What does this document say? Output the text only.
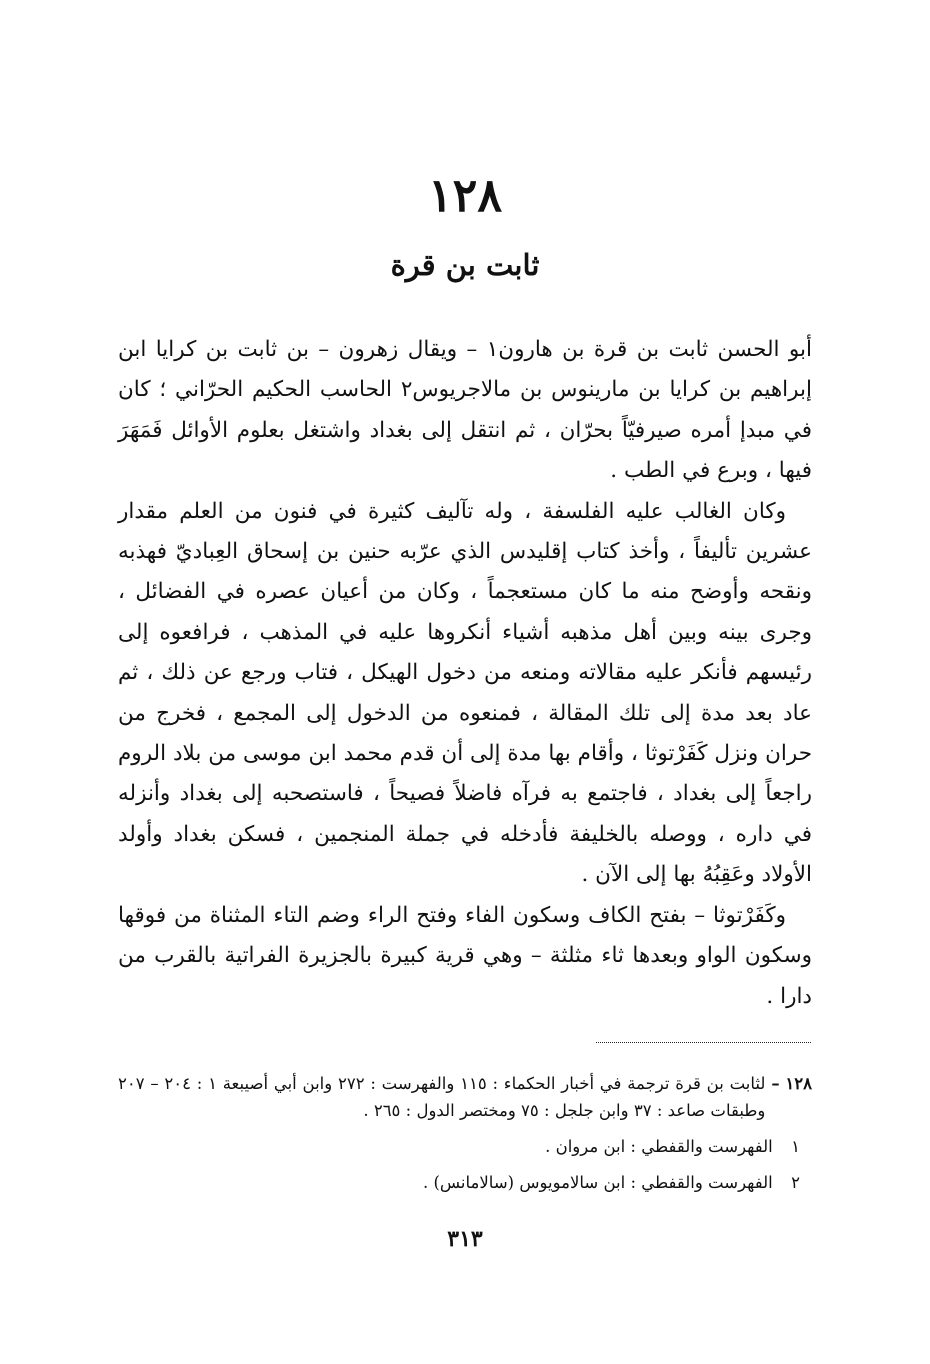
١٢٨
ثابت بن قرة

أبو الحسن ثابت بن قرة بن هارون١ – ويقال زهرون – بن ثابت بن كرايا ابن إبراهيم بن كرايا بن مارينوس بن مالاجريوس٢ الحاسب الحكيم الحرّاني ؛ كان في مبدإ أمره صيرفيّاً بحرّان ، ثم انتقل إلى بغداد واشتغل بعلوم الأوائل فَمَهَرَ فيها ، وبرع في الطب .

وكان الغالب عليه الفلسفة ، وله تآليف كثيرة في فنون من العلم مقدار عشرين تأليفاً ، وأخذ كتاب إقليدس الذي عرّبه حنين بن إسحاق العِباديّ فهذبه ونقحه وأوضح منه ما كان مستعجماً ، وكان من أعيان عصره في الفضائل ، وجرى بينه وبين أهل مذهبه أشياء أنكروها عليه في المذهب ، فرافعوه إلى رئيسهم فأنكر عليه مقالاته ومنعه من دخول الهيكل ، فتاب ورجع عن ذلك ، ثم عاد بعد مدة إلى تلك المقالة ، فمنعوه من الدخول إلى المجمع ، فخرج من حران ونزل كَفَرْتوثا ، وأقام بها مدة إلى أن قدم محمد ابن موسى من بلاد الروم راجعاً إلى بغداد ، فاجتمع به فرآه فاضلاً فصيحاً ، فاستصحبه إلى بغداد وأنزله في داره ، ووصله بالخليفة فأدخله في جملة المنجمين ، فسكن بغداد وأولد الأولاد وعَقِبُهُ بها إلى الآن .

وكَفَرْتوثا – بفتح الكاف وسكون الفاء وفتح الراء وضم التاء المثناة من فوقها وسكون الواو وبعدها ثاء مثلثة – وهي قرية كبيرة بالجزيرة الفراتية بالقرب من دارا .

١٢٨ –
لثابت بن قرة ترجمة في أخبار الحكماء : ١١٥ والفهرست : ٢٧٢ وابن أبي أصيبعة ١ : ٢٠٤ – ٢٠٧ وطبقات صاعد : ٣٧ وابن جلجل : ٧٥ ومختصر الدول : ٢٦٥ .
١ الفهرست والقفطي : ابن مروان .
٢ الفهرست والقفطي : ابن سالامويوس (سالامانس) .
٣١٣
